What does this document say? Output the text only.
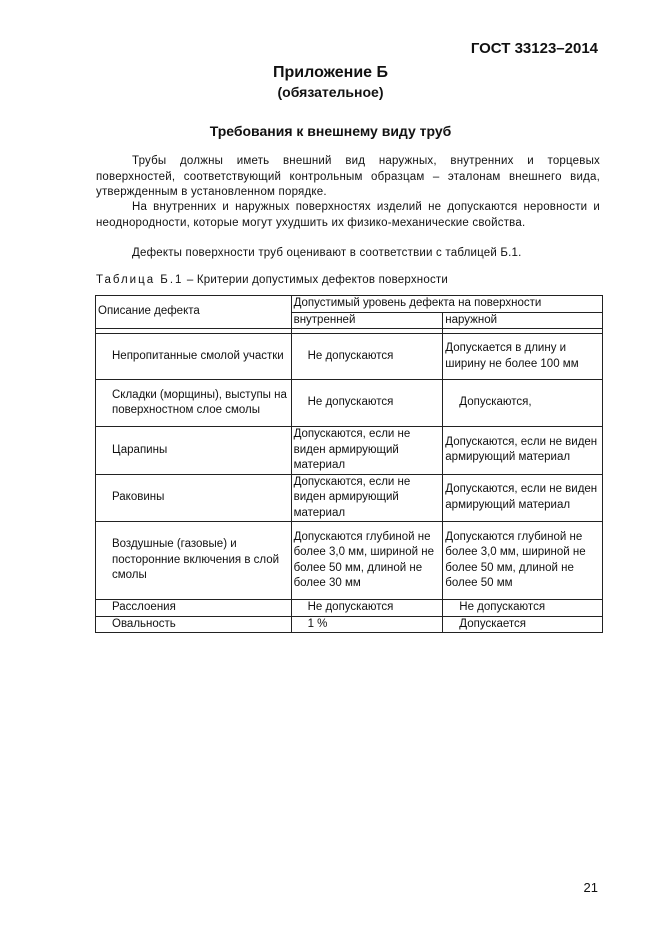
ГОСТ 33123–2014
Приложение Б
(обязательное)
Требования к внешнему виду труб
Трубы должны иметь внешний вид наружных, внутренних и торцевых поверхностей, соответствующий контрольным образцам – эталонам внешнего вида, утвержденным в установленном порядке.
На внутренних и наружных поверхностях изделий не допускаются неровности и неоднородности, которые могут ухудшить их физико-механические свойства.
Дефекты поверхности труб оценивают в соответствии с таблицей Б.1.
Таблица Б.1 – Критерии допустимых дефектов поверхности
Описание дефекта	Допустимый уровень дефекта на поверхности	
	внутренней	наружной

Непропитанные смолой участки	Не допускаются	Допускается в длину и ширину не более 100 мм
Складки (морщины), выступы на поверхностном слое смолы	Не допускаются	Допускаются,
Царапины	Допускаются, если не виден армирующий материал	Допускаются, если не виден армирующий материал
Раковины	Допускаются, если не виден армирующий материал	Допускаются, если не виден армирующий материал
Воздушные (газовые) и посторонние включения в слой смолы	Допускаются глубиной не более 3,0 мм, шириной не более 50 мм, длиной не более 30 мм	Допускаются глубиной не более 3,0 мм, шириной не более 50 мм, длиной не более 50 мм
Расслоения	Не допускаются	Не допускаются
Овальность	1 %	Допускается
21
